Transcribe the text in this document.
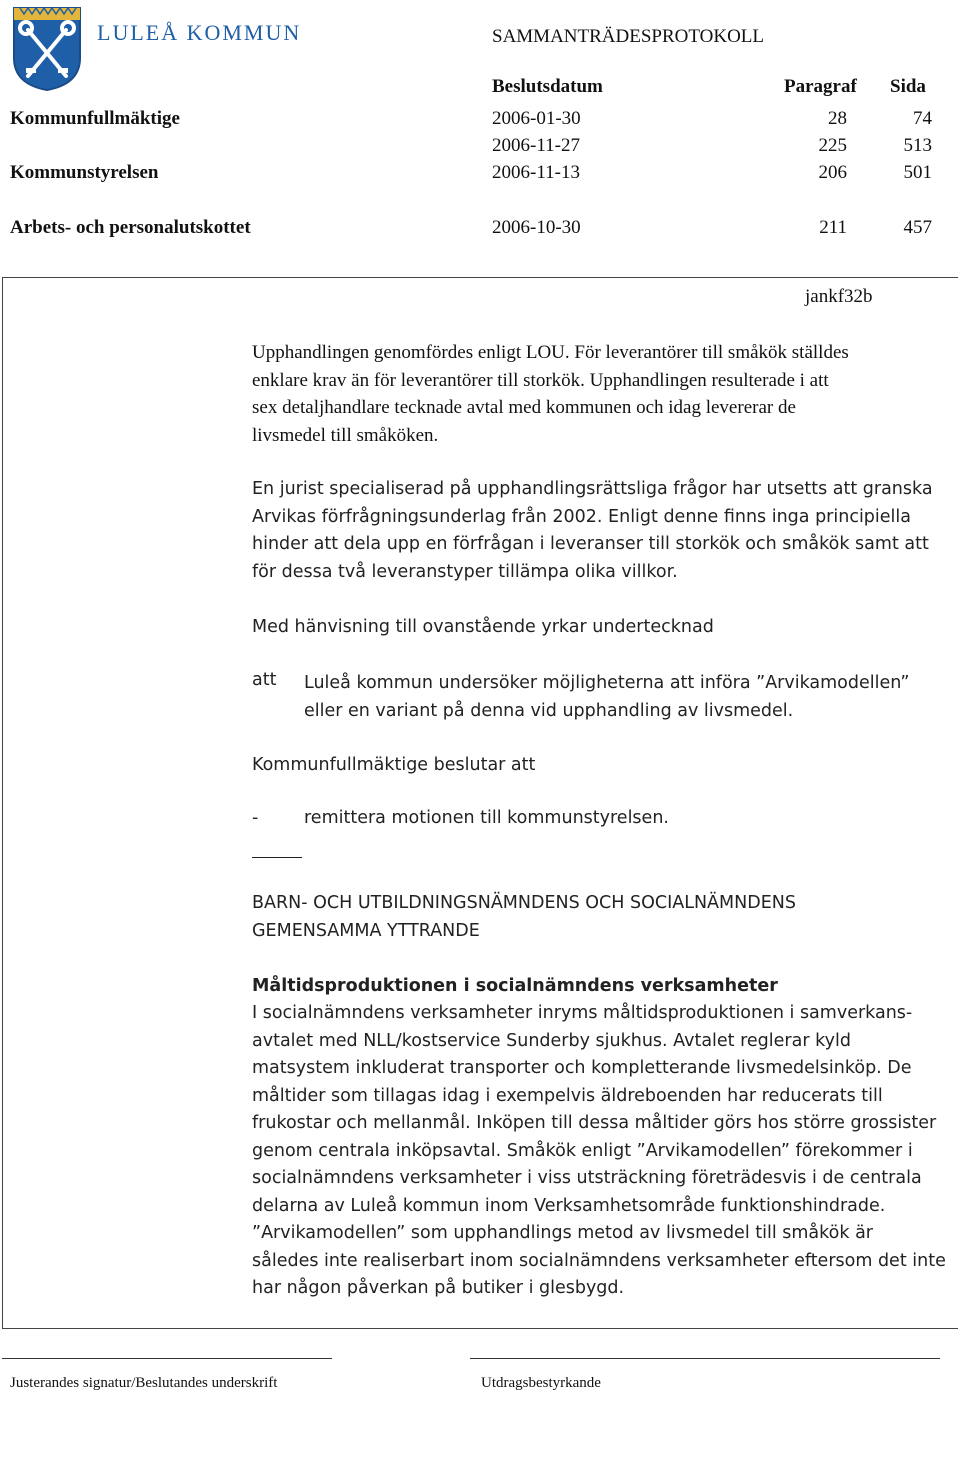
LULEÅ KOMMUN	SAMMANTRÄDESPROTOKOLL
Beslutsdatum	Paragraf Sida
Kommunfullmäktige	2006-01-30	28	74
2006-11-27	225	513
Kommunstyrelsen	2006-11-13	206	501
Arbets- och personalutskottet	2006-10-30	211	457
jankf32b

Upphandlingen genomfördes enligt LOU. För leverantörer till småkök ställdes

enklare krav än för leverantörer till storkök. Upphandlingen resulterade i att

sex detaljhandlare tecknade avtal med kommunen och idag levererar de

livsmedel till småköken.

En jurist specialiserad på upphandlingsrättsliga frågor har utsetts att granska

Arvikas förfrågningsunderlag från 2002. Enligt denne finns inga principiella

hinder att dela upp en förfrågan i leveranser till storkök och småkök samt att

för dessa två leveranstyper tillämpa olika villkor.

Med hänvisning till ovanstående yrkar undertecknad
att Luleå kommun undersöker möjligheterna att införa ”Arvikamodellen”

eller en variant på denna vid upphandling av livsmedel.

Kommunfullmäktige beslutar att
-	remittera motionen till kommunstyrelsen.

BARN- OCH UTBILDNINGSNÄMNDENS OCH SOCIALNÄMNDENS

GEMENSAMMA YTTRANDE

Måltidsproduktionen i socialnämndens verksamheter

I socialnämndens verksamheter inryms måltidsproduktionen i samverkans-

avtalet med NLL/kostservice Sunderby sjukhus. Avtalet reglerar kyld

matsystem inkluderat transporter och kompletterande livsmedelsinköp. De

måltider som tillagas idag i exempelvis äldreboenden har reducerats till

frukostar och mellanmål. Inköpen till dessa måltider görs hos större grossister

genom centrala inköpsavtal. Småkök enligt ”Arvikamodellen” förekommer i

socialnämndens verksamheter i viss utsträckning företrädesvis i de centrala

delarna av Luleå kommun inom Verksamhetsområde funktionshindrade.

”Arvikamodellen” som upphandlings metod av livsmedel till småkök är

således inte realiserbart inom socialnämndens verksamheter eftersom det inte

har någon påverkan på butiker i glesbygd.

Justerandes signatur/Beslutandes underskrift	Utdragsbestyrkande
